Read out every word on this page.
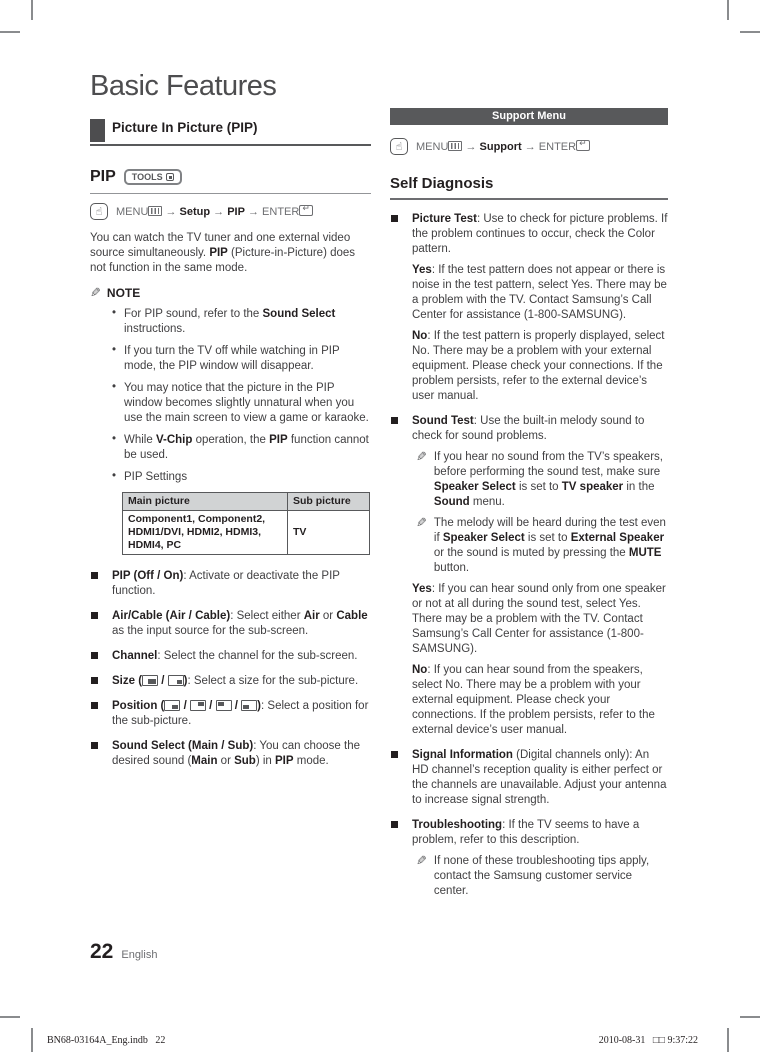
Basic Features
Picture In Picture (PIP)
PIP TOOLS
☝
MENU → Setup → PIP → ENTER↵

You can watch the TV tuner and one external video source simultaneously. PIP (Picture-in-Picture) does not function in the same mode.

✎
NOTE
• For PIP sound, refer to the Sound Select instructions.
• If you turn the TV off while watching in PIP mode, the PIP window will disappear.
• You may notice that the picture in the PIP window becomes slightly unnatural when you use the main screen to view a game or karaoke.
• While V-Chip operation, the PIP function cannot be used.
• PIP Settings
Main picture	Sub picture
Component1, Component2, HDMI1/DVI, HDMI2, HDMI3, HDMI4, PC	TV
PIP (Off / On): Activate or deactivate the PIP function.
Air/Cable (Air / Cable): Select either Air or Cable as the input source for the sub-screen.
Channel: Select the channel for the sub-screen.
Size ( / ): Select a size for the sub-picture.
Position ( /  /  / ): Select a position for the sub-picture.
Sound Select (Main / Sub): You can choose the desired sound (Main or Sub) in PIP mode.
Support Menu
☝
MENU → Support → ENTER↵
Self Diagnosis
Picture Test: Use to check for picture problems. If the problem continues to occur, check the Color pattern.
Yes: If the test pattern does not appear or there is noise in the test pattern, select Yes. There may be a problem with the TV. Contact Samsung’s Call Center for assistance (1-800-SAMSUNG).
No: If the test pattern is properly displayed, select No. There may be a problem with your external equipment. Please check your connections. If the problem persists, refer to the external device’s user manual.
Sound Test: Use the built-in melody sound to check for sound problems.
✎
If you hear no sound from the TV’s speakers, before performing the sound test, make sure Speaker Select is set to TV speaker in the Sound menu.
✎
The melody will be heard during the test even if Speaker Select is set to External Speaker or the sound is muted by pressing the MUTE button.
Yes: If you can hear sound only from one speaker or not at all during the sound test, select Yes. There may be a problem with the TV. Contact Samsung’s Call Center for assistance (1-800-SAMSUNG).
No: If you can hear sound from the speakers, select No. There may be a problem with your external equipment. Please check your connections. If the problem persists, refer to the external device’s user manual.
Signal Information (Digital channels only): An HD channel’s reception quality is either perfect or the channels are unavailable. Adjust your antenna to increase signal strength.
Troubleshooting: If the TV seems to have a problem, refer to this description.
✎
If none of these troubleshooting tips apply, contact the Samsung customer service center.
22 English
BN68-03164A_Eng.indb   22	2010-08-31   □□ 9:37:22
